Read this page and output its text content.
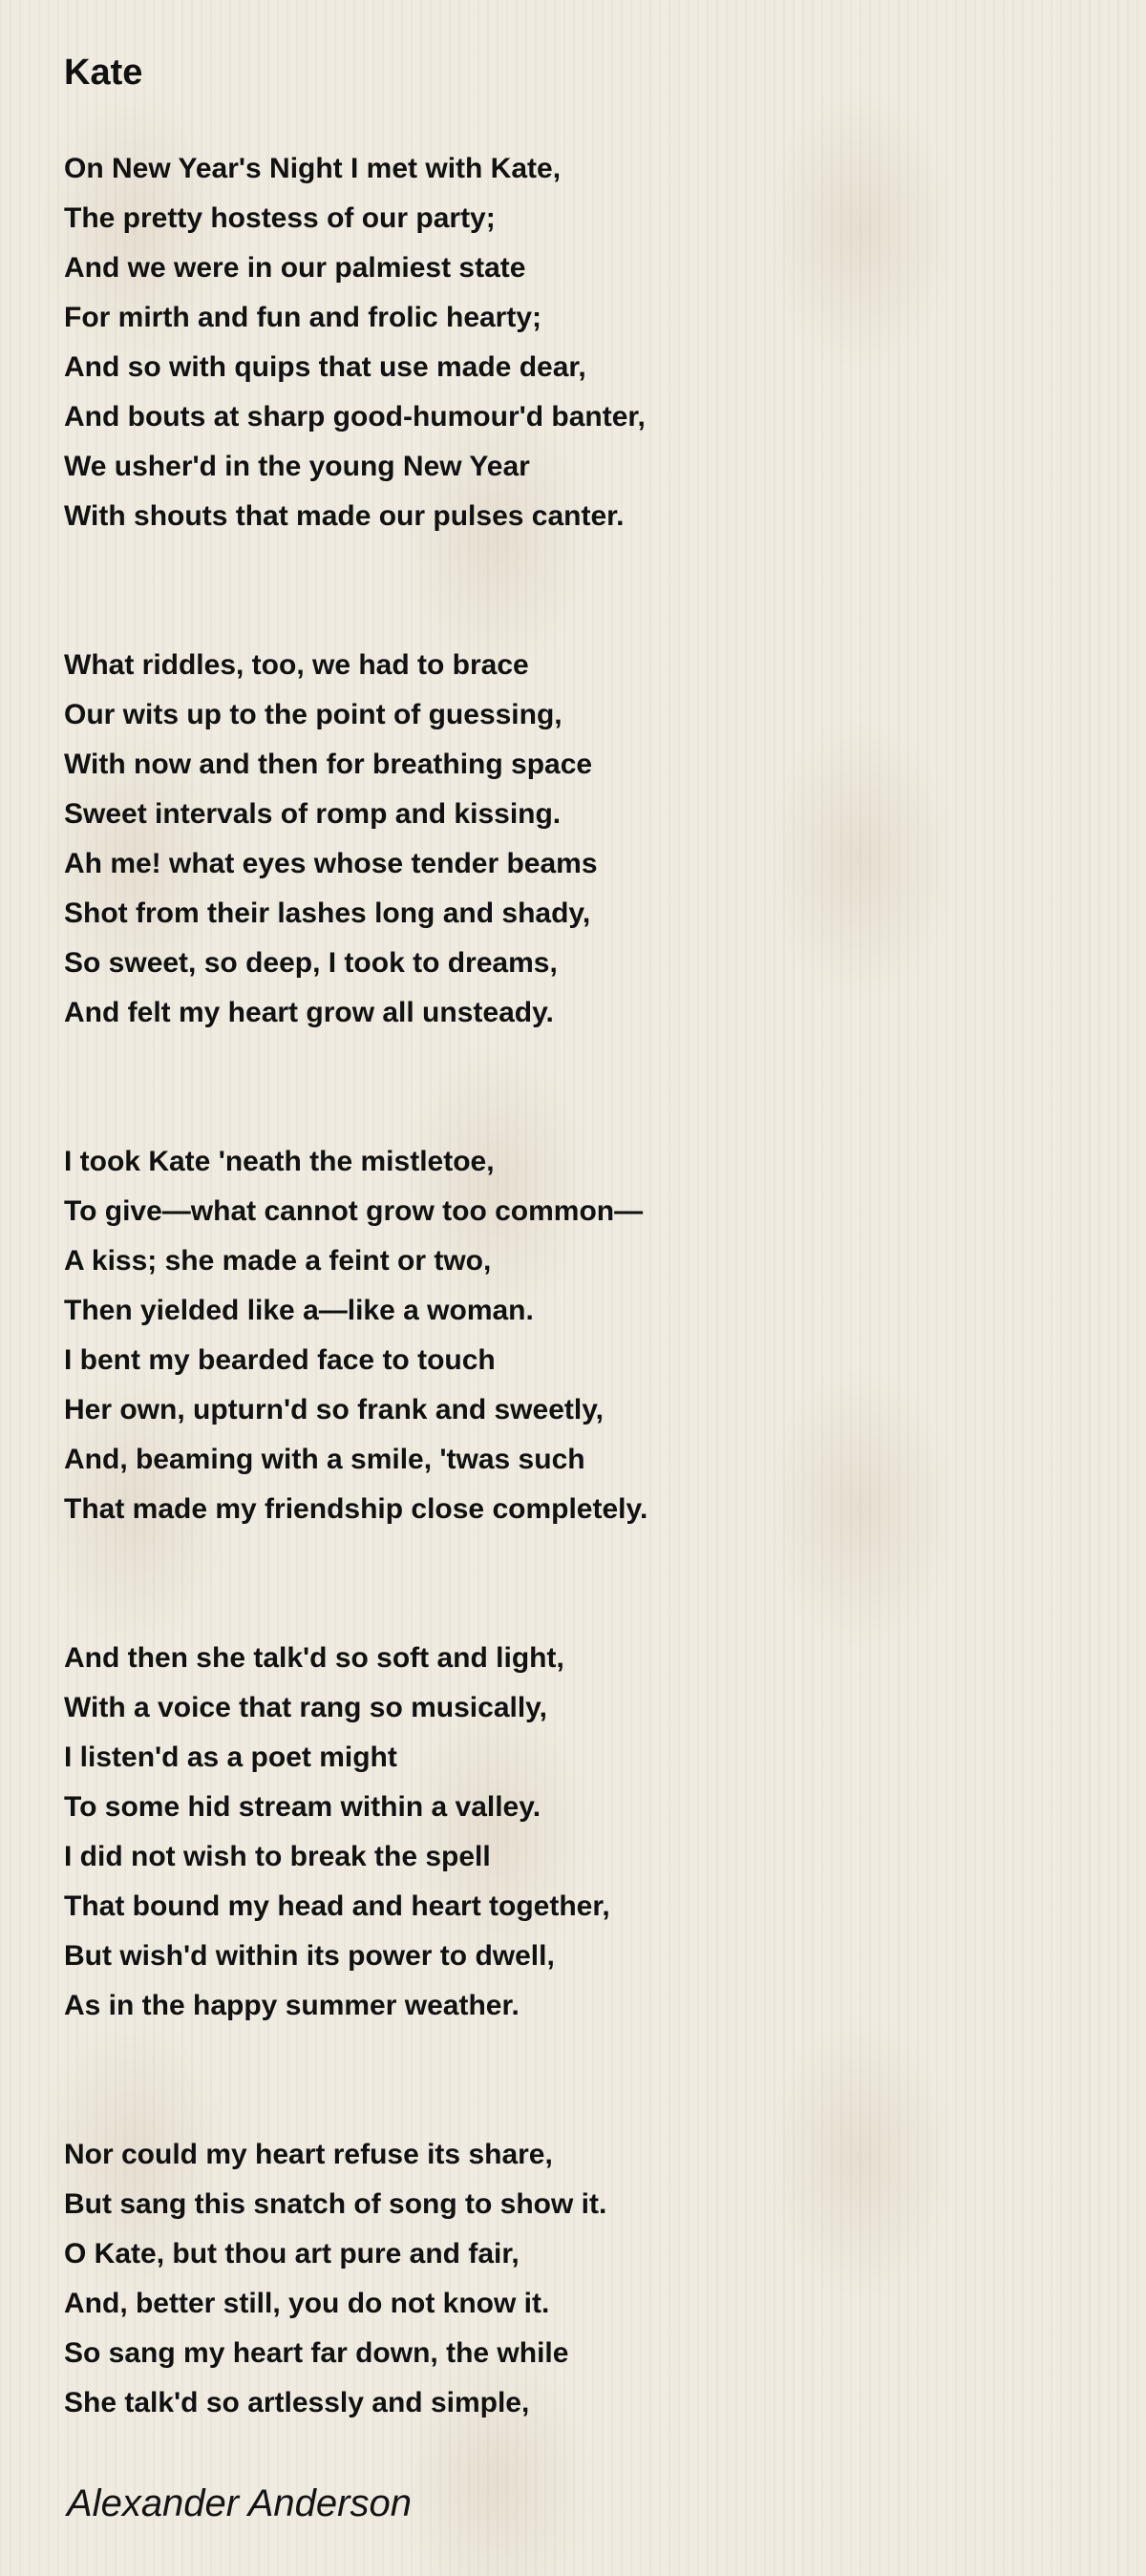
Kate
On New Year's Night I met with Kate,
The pretty hostess of our party;
And we were in our palmiest state
For mirth and fun and frolic hearty;
And so with quips that use made dear,
And bouts at sharp good-humour'd banter,
We usher'd in the young New Year
With shouts that made our pulses canter.
What riddles, too, we had to brace
Our wits up to the point of guessing,
With now and then for breathing space
Sweet intervals of romp and kissing.
Ah me! what eyes whose tender beams
Shot from their lashes long and shady,
So sweet, so deep, I took to dreams,
And felt my heart grow all unsteady.
I took Kate 'neath the mistletoe,
To give—what cannot grow too common—
A kiss; she made a feint or two,
Then yielded like a—like a woman.
I bent my bearded face to touch
Her own, upturn'd so frank and sweetly,
And, beaming with a smile, 'twas such
That made my friendship close completely.
And then she talk'd so soft and light,
With a voice that rang so musically,
I listen'd as a poet might
To some hid stream within a valley.
I did not wish to break the spell
That bound my head and heart together,
But wish'd within its power to dwell,
As in the happy summer weather.
Nor could my heart refuse its share,
But sang this snatch of song to show it.
O Kate, but thou art pure and fair,
And, better still, you do not know it.
So sang my heart far down, the while
She talk'd so artlessly and simple,
Alexander Anderson
